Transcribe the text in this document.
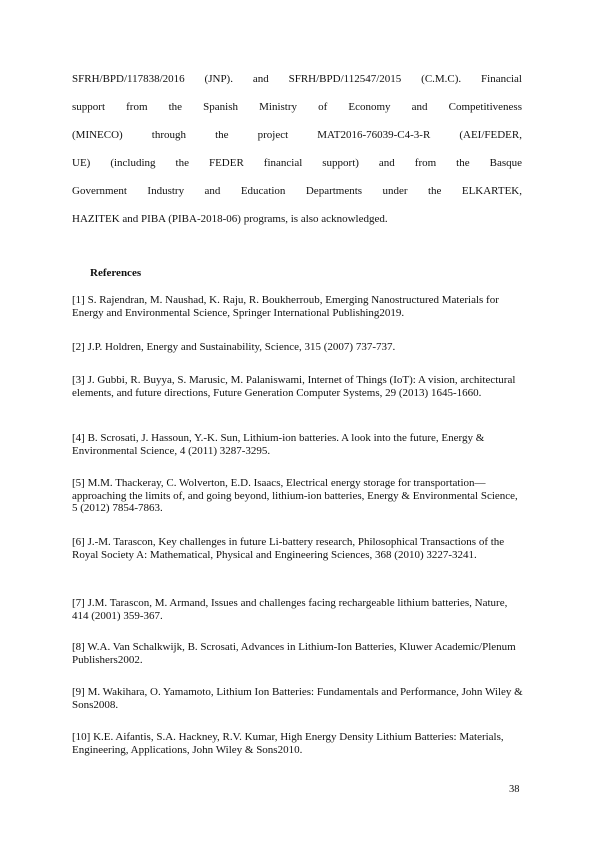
SFRH/BPD/117838/2016 (JNP). and SFRH/BPD/112547/2015 (C.M.C). Financial
support from the Spanish Ministry of Economy and Competitiveness
(MINECO) through the project MAT2016-76039-C4-3-R (AEI/FEDER,
UE) (including the FEDER financial support) and from the Basque
Government Industry and Education Departments under the ELKARTEK,
HAZITEK and PIBA (PIBA-2018-06) programs, is also acknowledged.
References
[1] S. Rajendran, M. Naushad, K. Raju, R. Boukherroub, Emerging Nanostructured Materials for Energy and Environmental Science, Springer International Publishing2019.
[2] J.P. Holdren, Energy and Sustainability, Science, 315 (2007) 737-737.
[3] J. Gubbi, R. Buyya, S. Marusic, M. Palaniswami, Internet of Things (IoT): A vision, architectural elements, and future directions, Future Generation Computer Systems, 29 (2013) 1645-1660.
[4] B. Scrosati, J. Hassoun, Y.-K. Sun, Lithium-ion batteries. A look into the future, Energy & Environmental Science, 4 (2011) 3287-3295.
[5] M.M. Thackeray, C. Wolverton, E.D. Isaacs, Electrical energy storage for transportation—approaching the limits of, and going beyond, lithium-ion batteries, Energy & Environmental Science, 5 (2012) 7854-7863.
[6] J.-M. Tarascon, Key challenges in future Li-battery research, Philosophical Transactions of the Royal Society A: Mathematical, Physical and Engineering Sciences, 368 (2010) 3227-3241.
[7] J.M. Tarascon, M. Armand, Issues and challenges facing rechargeable lithium batteries, Nature, 414 (2001) 359-367.
[8] W.A. Van Schalkwijk, B. Scrosati, Advances in Lithium-Ion Batteries, Kluwer Academic/Plenum Publishers2002.
[9] M. Wakihara, O. Yamamoto, Lithium Ion Batteries: Fundamentals and Performance, John Wiley & Sons2008.
[10] K.E. Aifantis, S.A. Hackney, R.V. Kumar, High Energy Density Lithium Batteries: Materials, Engineering, Applications, John Wiley & Sons2010.
38
